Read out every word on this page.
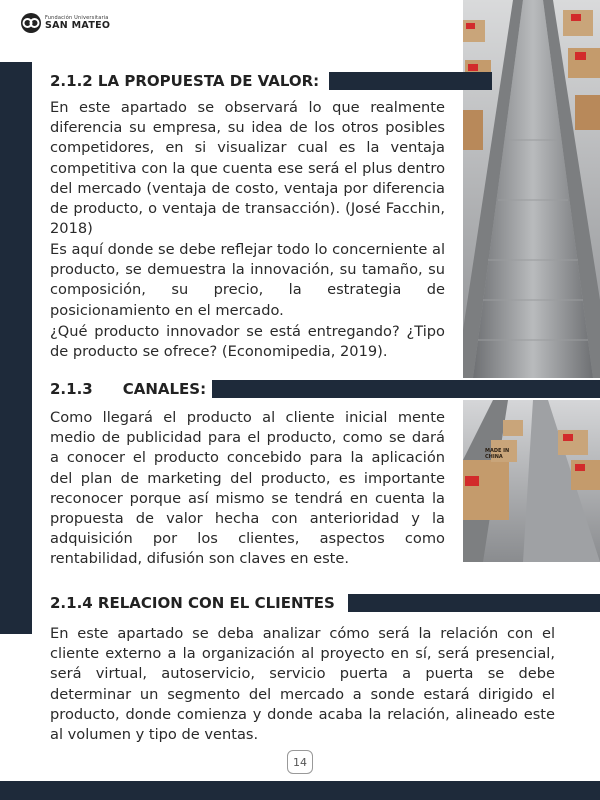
Fundación Universitaria
SAN MATEO
MADE IN CHINA
2.1.2 LA PROPUESTA DE VALOR:
En este apartado se observará lo que realmente diferencia su empresa, su idea de los otros posibles competidores, en si visualizar cual es la ventaja competitiva con la que cuenta ese será el plus dentro del mercado (ventaja de costo, ventaja por diferencia de producto, o ventaja de transacción). (José Facchin, 2018)
Es aquí donde se debe reflejar todo lo concerniente al producto, se demuestra la innovación, su tamaño, su composición, su precio, la estrategia de posicionamiento en el mercado.
¿Qué producto innovador se está entregando? ¿Tipo de producto se ofrece? (Economipedia, 2019).
2.1.3 CANALES:
Como llegará el producto al cliente inicial mente medio de publicidad para el producto, como se dará a conocer el producto concebido para la aplicación del plan de marketing del producto, es importante reconocer porque así mismo se tendrá en cuenta la propuesta de valor hecha con anterioridad y la adquisición por los clientes, aspectos como rentabilidad, difusión son claves en este.
2.1.4 RELACION CON EL CLIENTES
En este apartado se deba analizar cómo será la relación con el cliente externo a la organización al proyecto en sí, será presencial, será virtual, autoservicio, servicio puerta a puerta se debe determinar un segmento del mercado a sonde estará dirigido el producto, donde comienza y donde acaba la relación, alineado este al volumen y tipo de ventas.
14
